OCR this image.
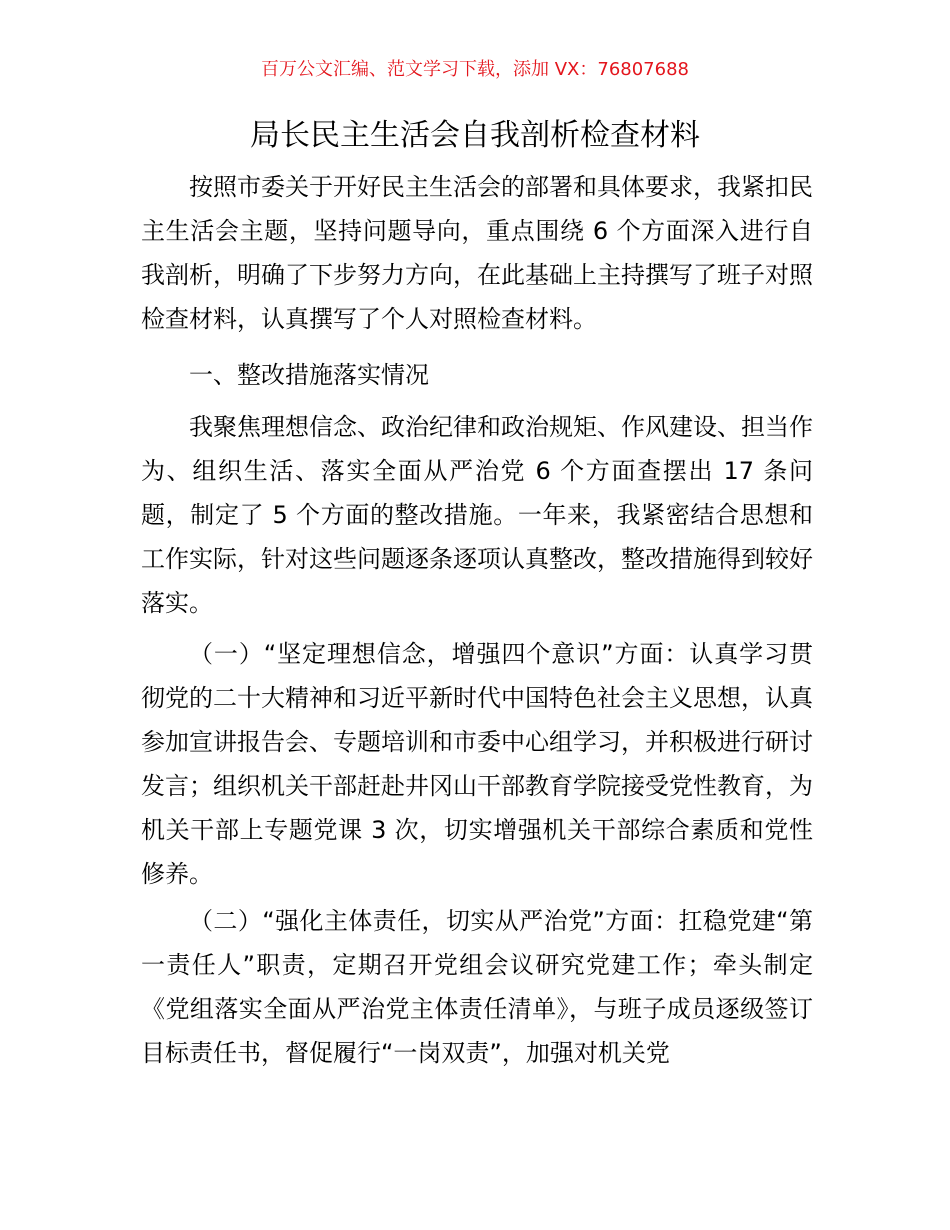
百万公文汇编、范文学习下载，添加 VX：76807688
局长民主生活会自我剖析检查材料

按照市委关于开好民主生活会的部署和具体要求，我紧扣民主生活会主题，坚持问题导向，重点围绕 6 个方面深入进行自我剖析，明确了下步努力方向，在此基础上主持撰写了班子对照检查材料，认真撰写了个人对照检查材料。

一、整改措施落实情况

我聚焦理想信念、政治纪律和政治规矩、作风建设、担当作为、组织生活、落实全面从严治党 6 个方面查摆出 17 条问题，制定了 5 个方面的整改措施。一年来，我紧密结合思想和工作实际，针对这些问题逐条逐项认真整改，整改措施得到较好落实。

（一）“坚定理想信念，增强四个意识”方面：认真学习贯彻党的二十大精神和习近平新时代中国特色社会主义思想，认真参加宣讲报告会、专题培训和市委中心组学习，并积极进行研讨发言；组织机关干部赶赴井冈山干部教育学院接受党性教育，为机关干部上专题党课 3 次，切实增强机关干部综合素质和党性修养。

（二）“强化主体责任，切实从严治党”方面：扛稳党建“第一责任人”职责，定期召开党组会议研究党建工作；牵头制定《党组落实全面从严治党主体责任清单》，与班子成员逐级签订目标责任书，督促履行“一岗双责”，加强对机关党
